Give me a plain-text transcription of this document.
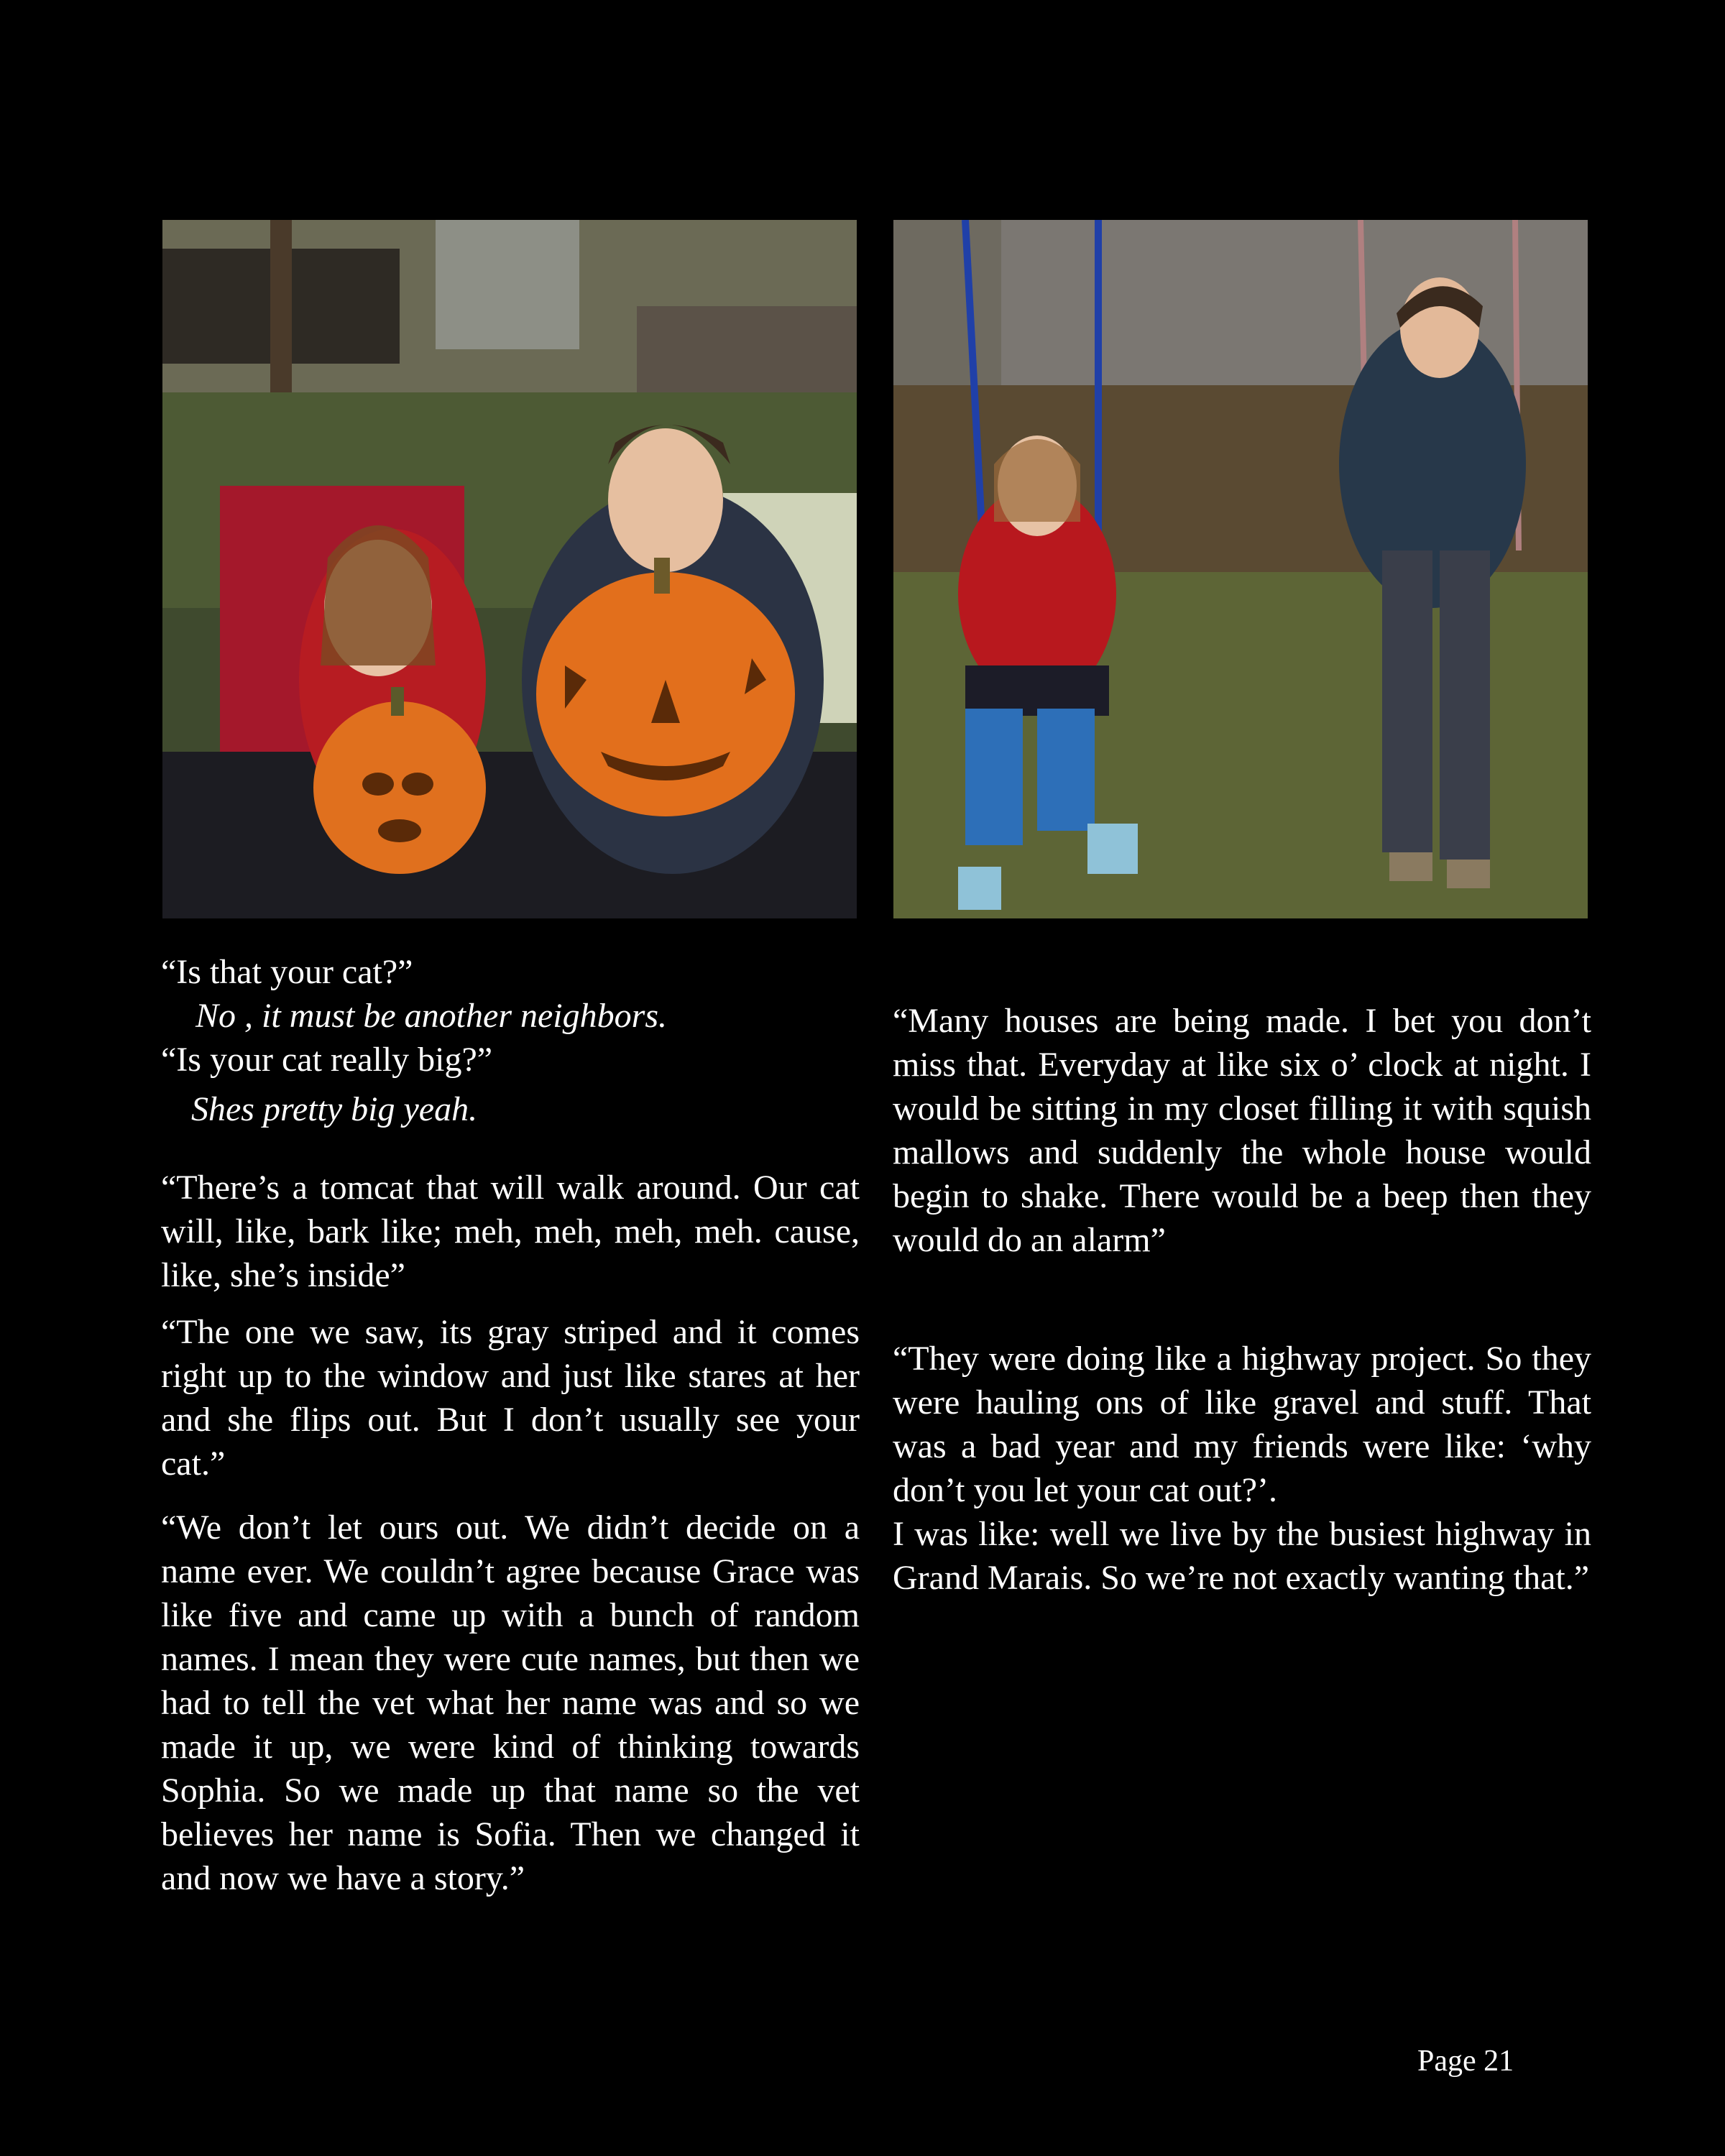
“Is that your cat?”

No , it must be another neighbors.

“Is your cat really big?”

Shes pretty big yeah.

“There’s a tomcat that will walk around. Our cat will, like, bark like; meh, meh, meh, meh. cause, like, she’s inside”

“The one we saw, its gray striped and it comes right up to the window and just like stares at her and she flips out. But I don’t usually see your cat.”

“We don’t let ours out. We didn’t decide on a name ever. We couldn’t agree because Grace was like five and came up with a bunch of random names. I mean they were cute names, but then we had to tell the vet what her name was and so we made it up, we were kind of thinking towards Sophia. So we made up that name so the vet believes her name is Sofia. Then we changed it and now we have a story.”

“Many houses are being made. I bet you don’t miss that. Everyday at like six o’ clock at night. I would be sitting in my closet filling it with squish mallows and suddenly the whole house would begin to shake. There would be a beep then they would do an alarm”

“They were doing like a highway project. So they were hauling ons of like gravel and stuff. That was a bad year and my friends were like: ‘why don’t you let your cat out?’.

I was like: well we live by the busiest highway in Grand Marais. So we’re not exactly wanting that.”

Page 21
